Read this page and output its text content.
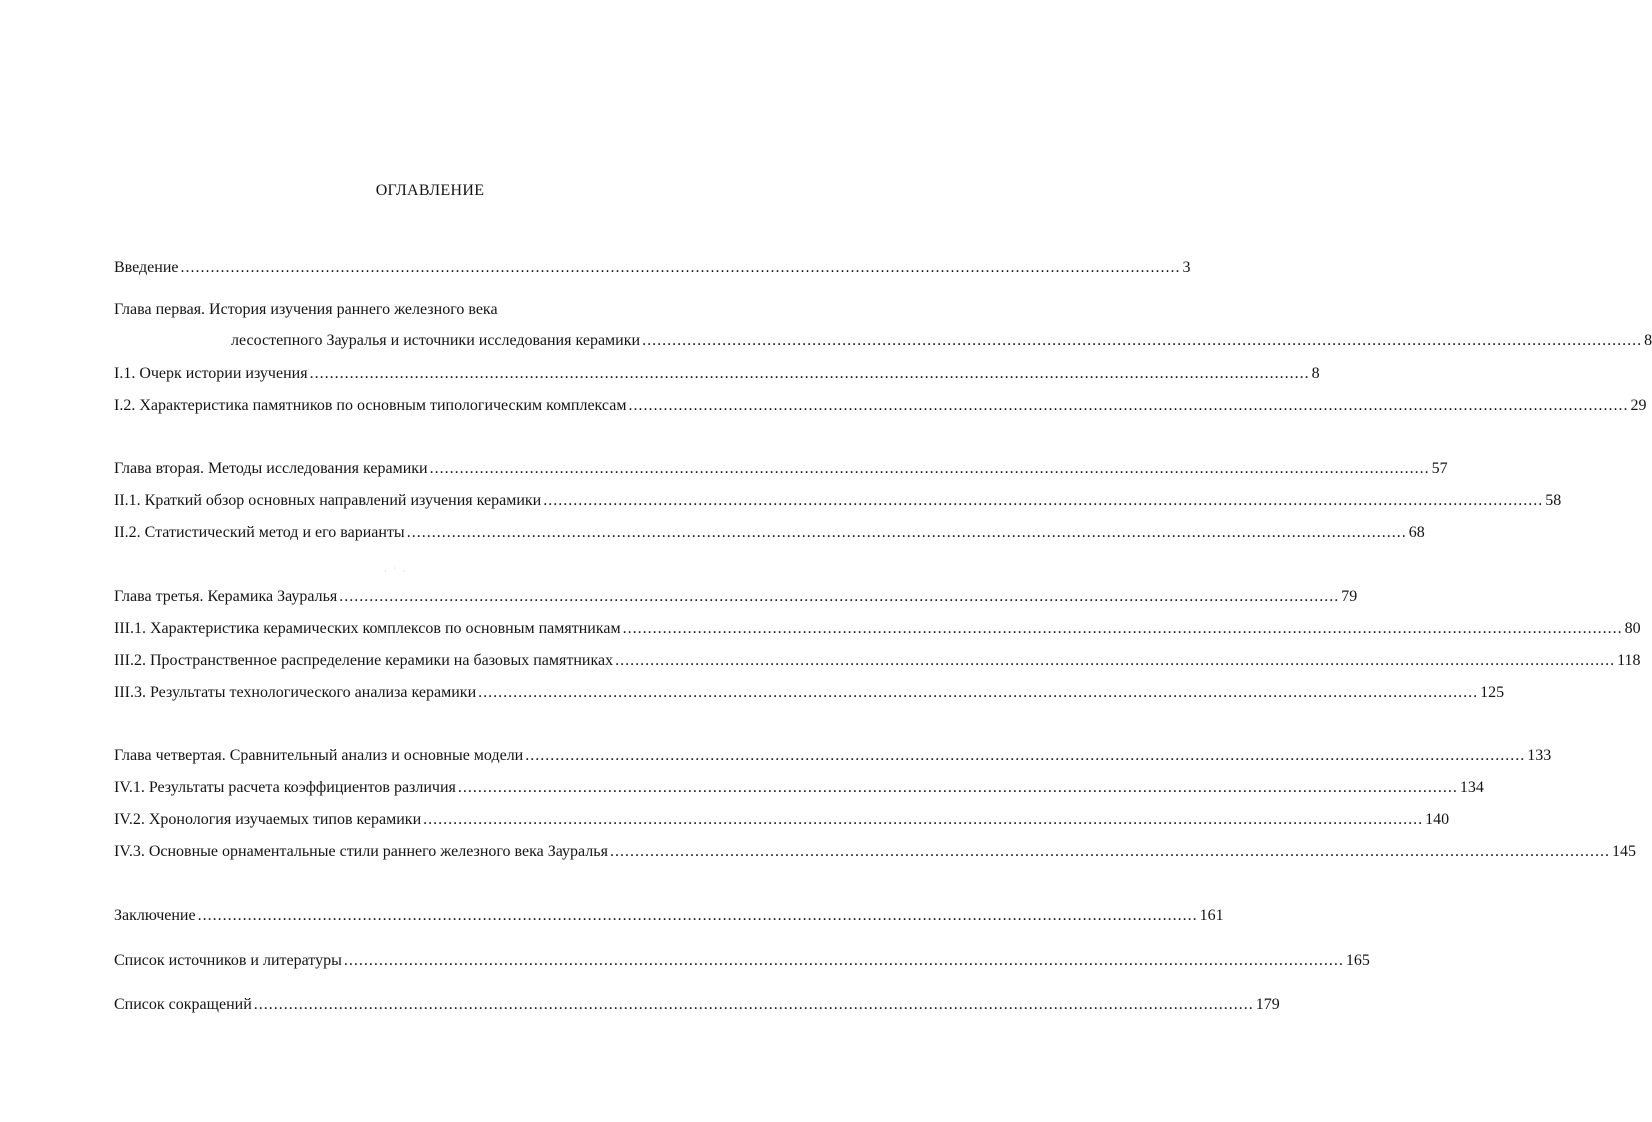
ОГЛАВЛЕНИЕ
Введение ........................................................................................................................................................................................................ 3
Глава первая. История изучения раннего железного века
лесостепного Зауралья и источники исследования керамики ........................................................................................................................................................................................................ 8
I.1. Очерк истории изучения ........................................................................................................................................................................................................ 8
I.2. Характеристика памятников по основным типологическим комплексам ........................................................................................................................................................................................................ 29
Глава вторая. Методы исследования керамики ........................................................................................................................................................................................................ 57
II.1. Краткий обзор основных направлений изучения керамики ........................................................................................................................................................................................................ 58
II.2. Статистический метод и его варианты ........................................................................................................................................................................................................ 68
· ˙ ·
Глава третья. Керамика Зауралья ........................................................................................................................................................................................................ 79
III.1. Характеристика керамических комплексов по основным памятникам ........................................................................................................................................................................................................ 80
III.2. Пространственное распределение керамики на базовых памятниках ........................................................................................................................................................................................................ 118
III.3. Результаты технологического анализа керамики ........................................................................................................................................................................................................ 125
Глава четвертая. Сравнительный анализ и основные модели ........................................................................................................................................................................................................ 133
IV.1. Результаты расчета коэффициентов различия ........................................................................................................................................................................................................ 134
IV.2. Хронология изучаемых типов керамики ........................................................................................................................................................................................................ 140
IV.3. Основные орнаментальные стили раннего железного века Зауралья ........................................................................................................................................................................................................ 145
Заключение ........................................................................................................................................................................................................ 161
Список источников и литературы ........................................................................................................................................................................................................ 165
Список сокращений ........................................................................................................................................................................................................ 179
